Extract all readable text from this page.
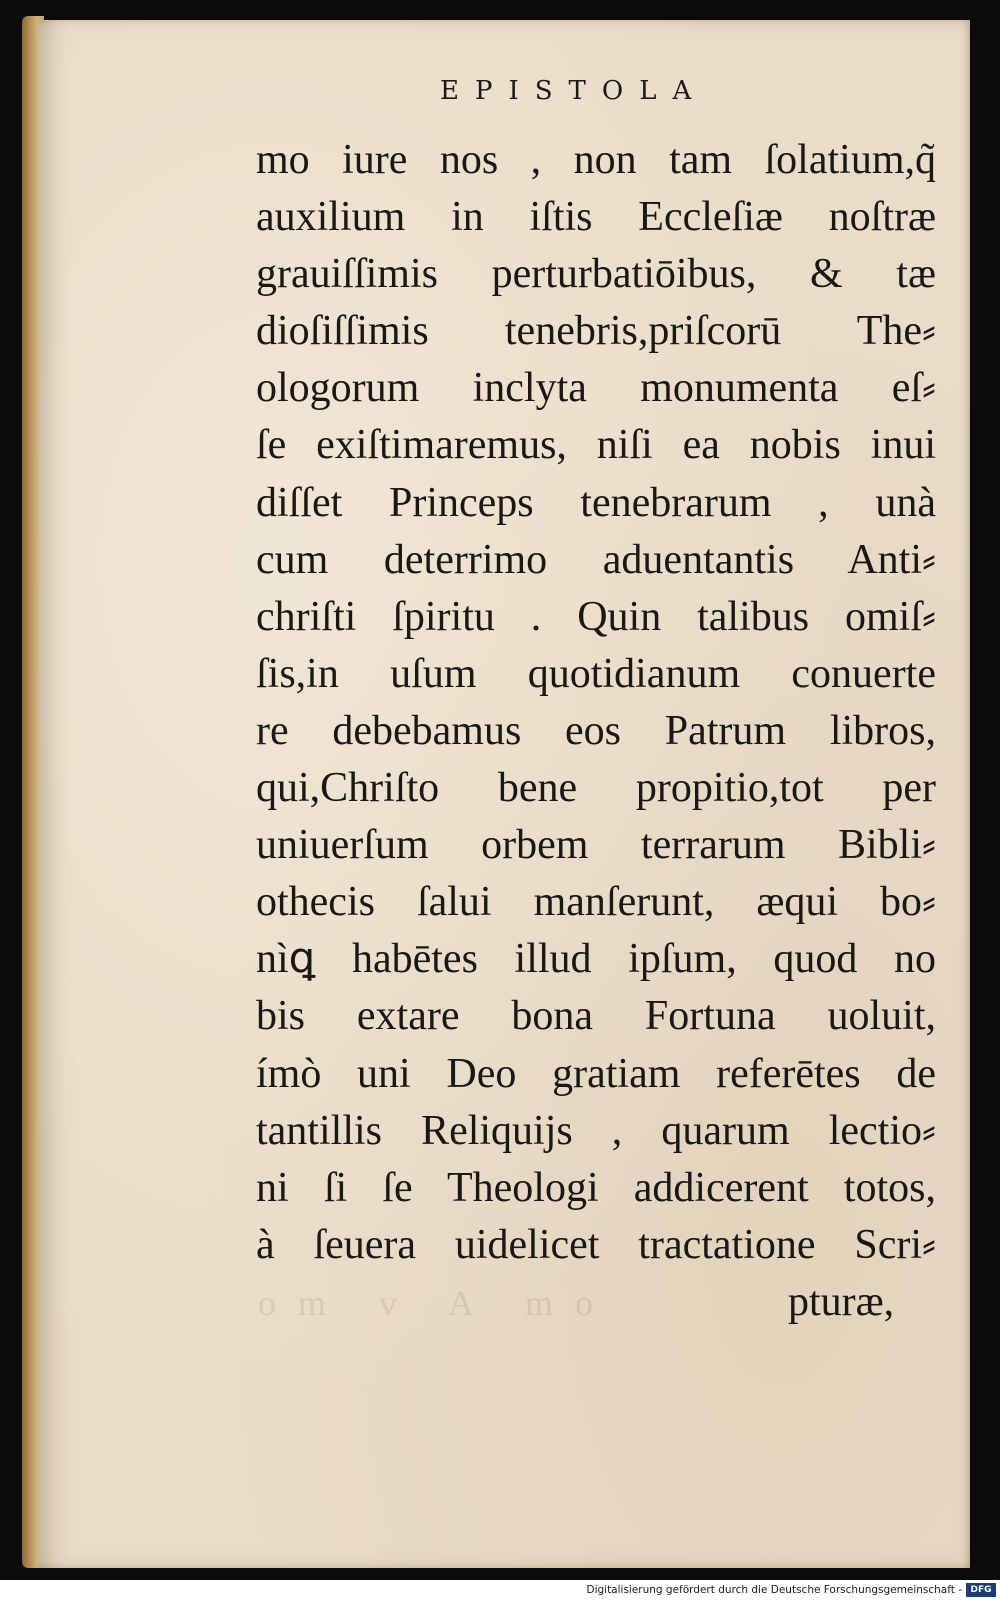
EPISTOLA
mo iure nos , non tam ſolatium,q̃
auxilium in iſtis Eccleſiæ noſtræ
grauiſſimis perturbatiōibus, & tæ
dioſiſſimis tenebris,priſcorū The⸗
ologorum inclyta monumenta eſ⸗
ſe exiſtimaremus, niſi ea nobis inui
diſſet Princeps tenebrarum , unà
cum deterrimo aduentantis Anti⸗
chriſti ſpiritu . Quin talibus omiſ⸗
ſis,in uſum quotidianum conuerte
re debebamus eos Patrum libros,
qui,Chriſto bene propitio,tot per
uniuerſum orbem terrarum Bibli⸗
othecis ſalui manſerunt, æqui bo⸗
nìꝗ habētes illud ipſum, quod no
bis extare bona Fortuna uoluit,
ímò uni Deo gratiam referētes de
tantillis Reliquijs , quarum lectio⸗
ni ſi ſe Theologi addicerent totos,
à ſeuera uidelicet tractatione Scri⸗
om v A mo	pturæ,
Digitalisierung gefördert durch die Deutsche Forschungsgemeinschaft - DFG
